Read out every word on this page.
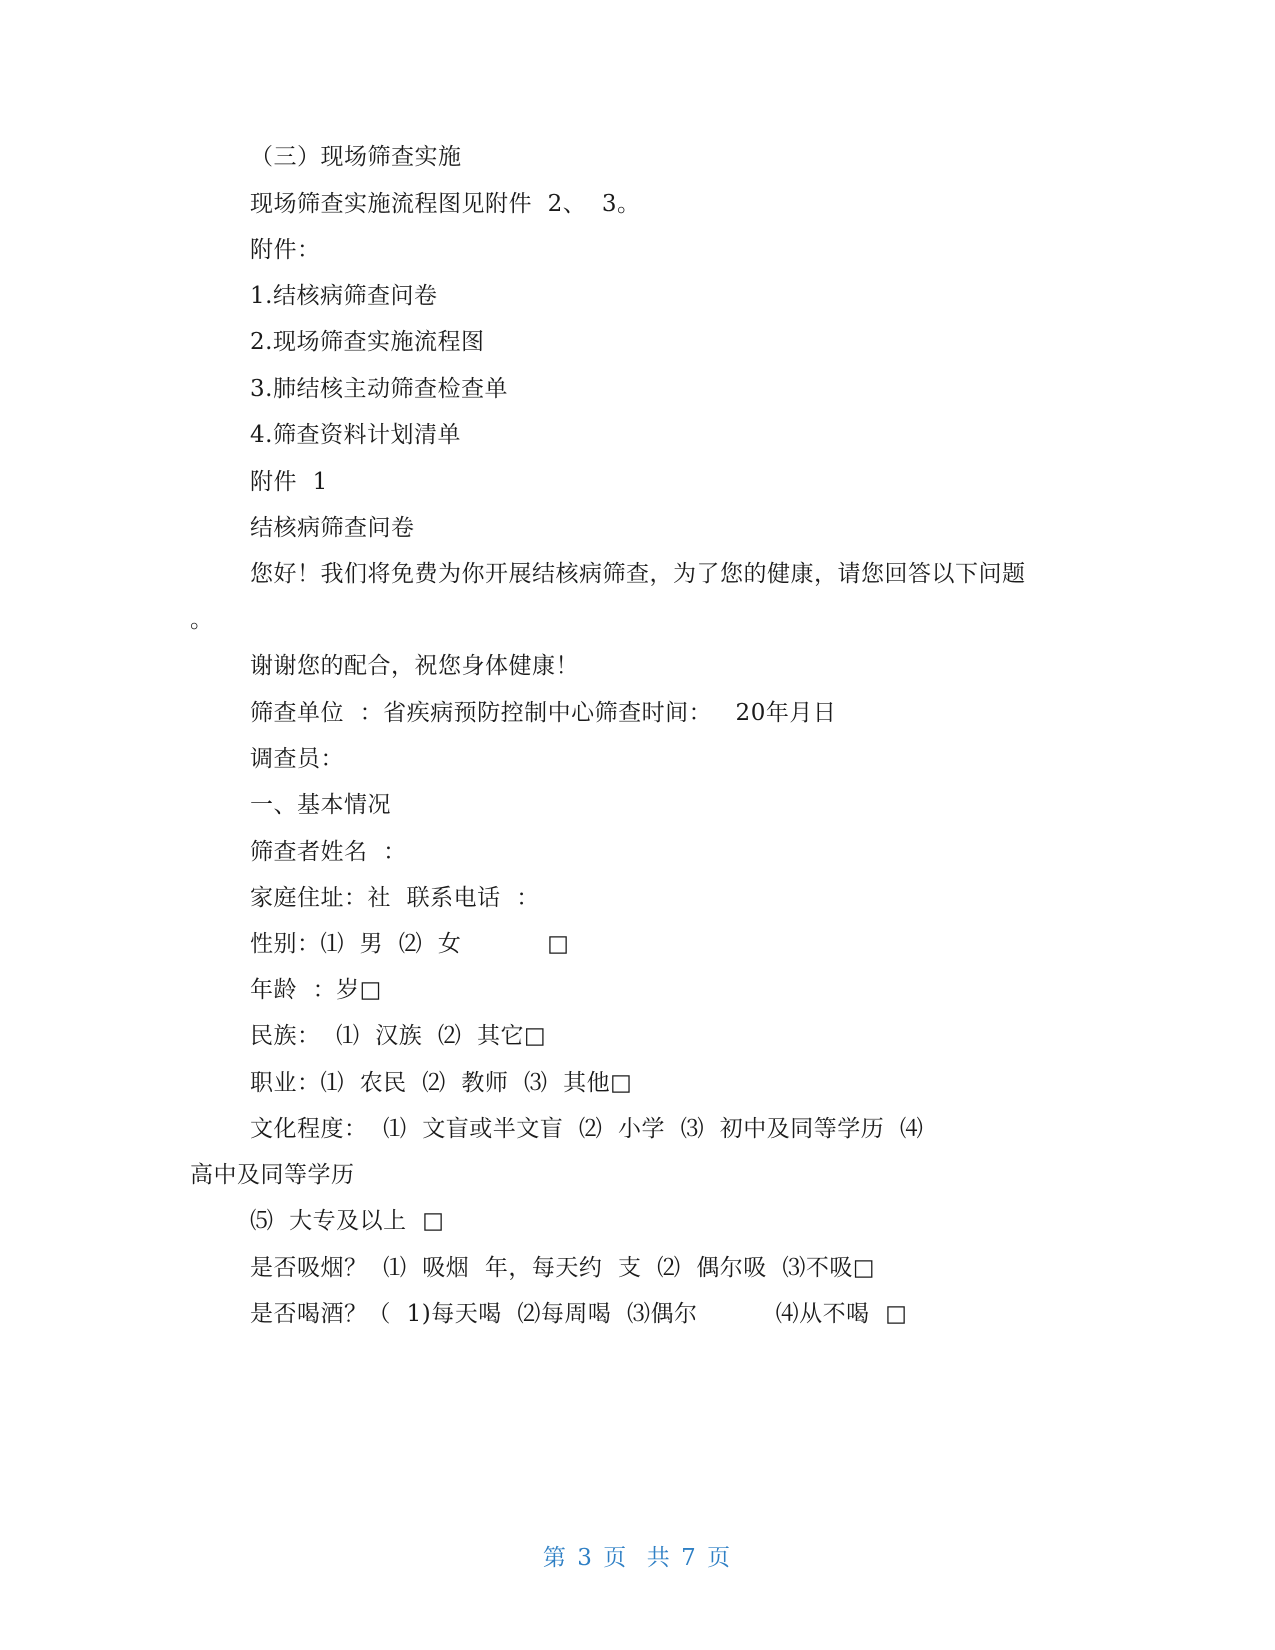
（三）现场筛查实施
现场筛查实施流程图见附件  2、  3。
附件：
1.结核病筛查问卷
2.现场筛查实施流程图
3.肺结核主动筛查检查单
4.筛查资料计划清单
附件  1
结核病筛查问卷
您好！我们将免费为你开展结核病筛查，为了您的健康，请您回答以下问题
。
谢谢您的配合，祝您身体健康！
筛查单位  ：省疾病预防控制中心筛查时间：   20年月日
调查员：
一、基本情况
筛查者姓名  ：
家庭住址：社  联系电话  ：
性别：⑴  男  ⑵  女           □
年龄  ：岁□
民族：  ⑴  汉族  ⑵  其它□
职业：⑴  农民  ⑵  教师  ⑶  其他□
文化程度：  ⑴  文盲或半文盲  ⑵  小学  ⑶  初中及同等学历  ⑷
高中及同等学历
⑸  大专及以上  □
是否吸烟？  ⑴  吸烟  年，每天约  支  ⑵  偶尔吸  ⑶不吸□
是否喝酒？（  1)每天喝  ⑵每周喝  ⑶偶尔          ⑷从不喝  □
第 3 页  共 7 页
